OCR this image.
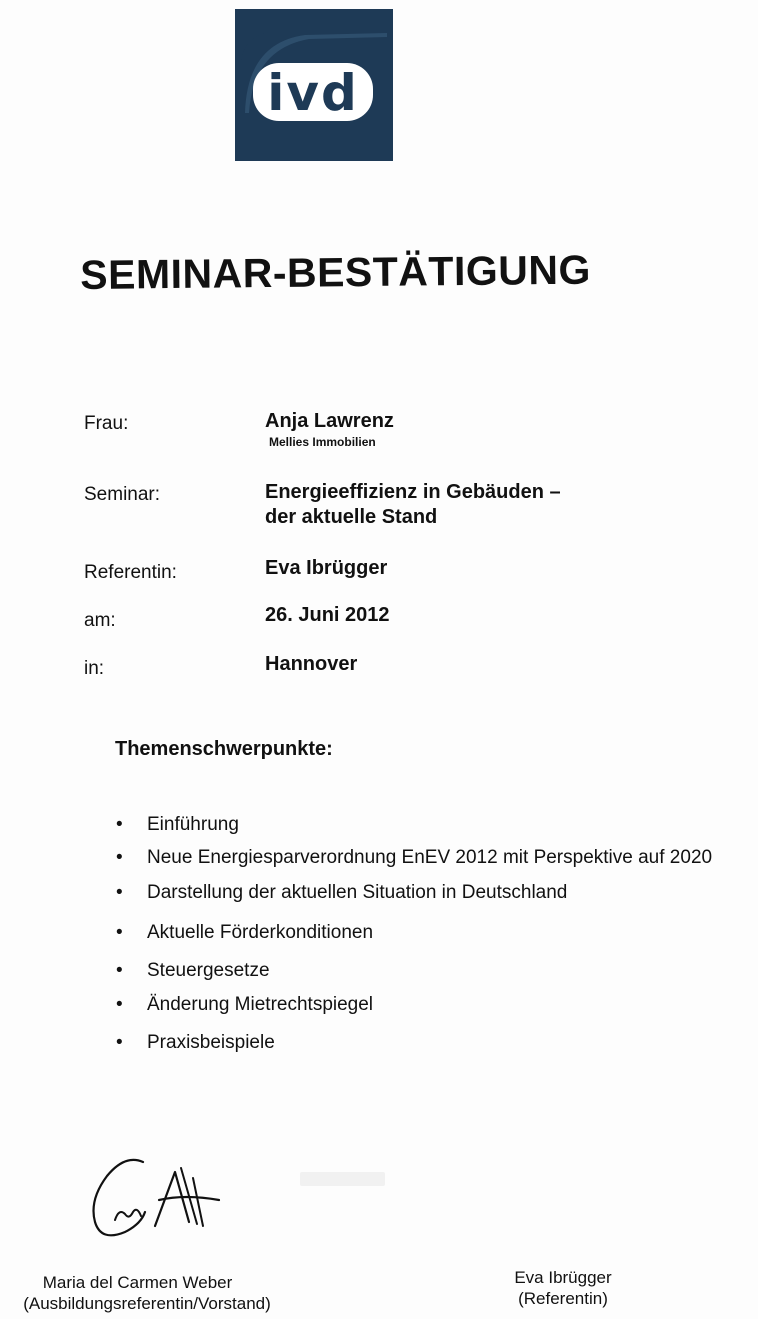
ivd
SEMINAR-BESTÄTIGUNG
Frau:	Anja Lawrenz
Mellies Immobilien
Seminar:	Energieeffizienz in Gebäuden –
der aktuelle Stand
Referentin:	Eva Ibrügger
am:	26. Juni 2012
in:	Hannover
Themenschwerpunkte:
• Einführung
• Neue Energiesparverordnung EnEV 2012 mit Perspektive auf 2020
• Darstellung der aktuellen Situation in Deutschland
• Aktuelle Förderkonditionen
• Steuergesetze
• Änderung Mietrechtspiegel
• Praxisbeispiele
Maria del Carmen Weber
(Ausbildungsreferentin/Vorstand)
Eva Ibrügger
(Referentin)
